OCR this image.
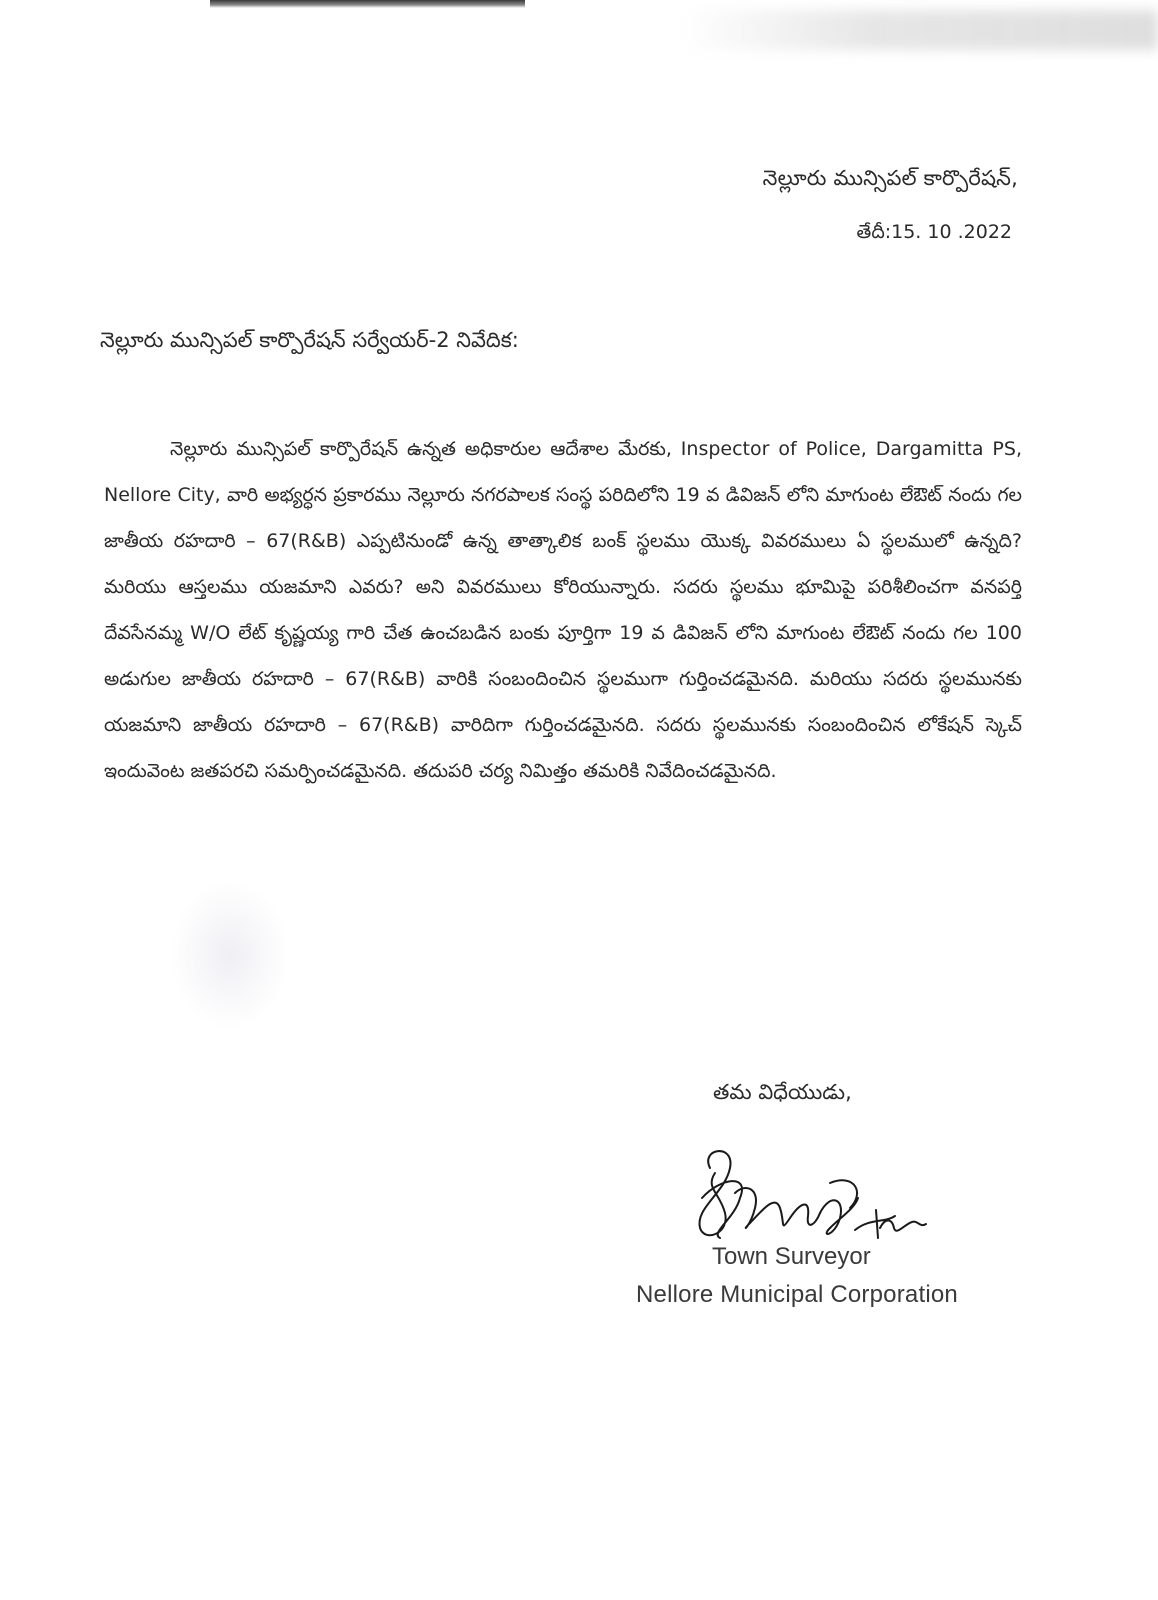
నెల్లూరు మున్సిపల్ కార్పొరేషన్,
తేదీ:15. 10 .2022
నెల్లూరు మున్సిపల్ కార్పొరేషన్ సర్వేయర్-2 నివేదిక:
నెల్లూరు మున్సిపల్ కార్పొరేషన్ ఉన్నత అధికారుల ఆదేశాల మేరకు, Inspector of Police, Dargamitta PS, Nellore City, వారి అభ్యర్ధన ప్రకారము నెల్లూరు నగరపాలక సంస్థ పరిదిలోని 19 వ డివిజన్ లోని మాగుంట లేఔట్ నందు గల జాతీయ రహదారి – 67(R&B) ఎప్పటినుండో ఉన్న తాత్కాలిక బంక్ స్థలము యొక్క వివరములు ఏ స్థలములో ఉన్నది? మరియు ఆస్తలము యజమాని ఎవరు? అని వివరములు కోరియున్నారు. సదరు స్థలము భూమిపై పరిశీలించగా వనపర్తి దేవసేనమ్మ W/O లేట్ కృష్ణయ్య గారి చేత ఉంచబడిన బంకు పూర్తిగా 19 వ డివిజన్ లోని మాగుంట లేఔట్ నందు గల 100 అడుగుల జాతీయ రహదారి – 67(R&B) వారికి సంబందించిన స్థలముగా గుర్తించడమైనది. మరియు సదరు స్థలమునకు యజమాని జాతీయ రహదారి – 67(R&B) వారిదిగా గుర్తించడమైనది. సదరు స్థలమునకు సంబందించిన లోకేషన్ స్కెచ్ ఇందువెంట జతపరచి సమర్పించడమైనది. తదుపరి చర్య నిమిత్తం తమరికి నివేదించడమైనది.
తమ విధేయుడు,
Town Surveyor
Nellore Municipal Corporation
